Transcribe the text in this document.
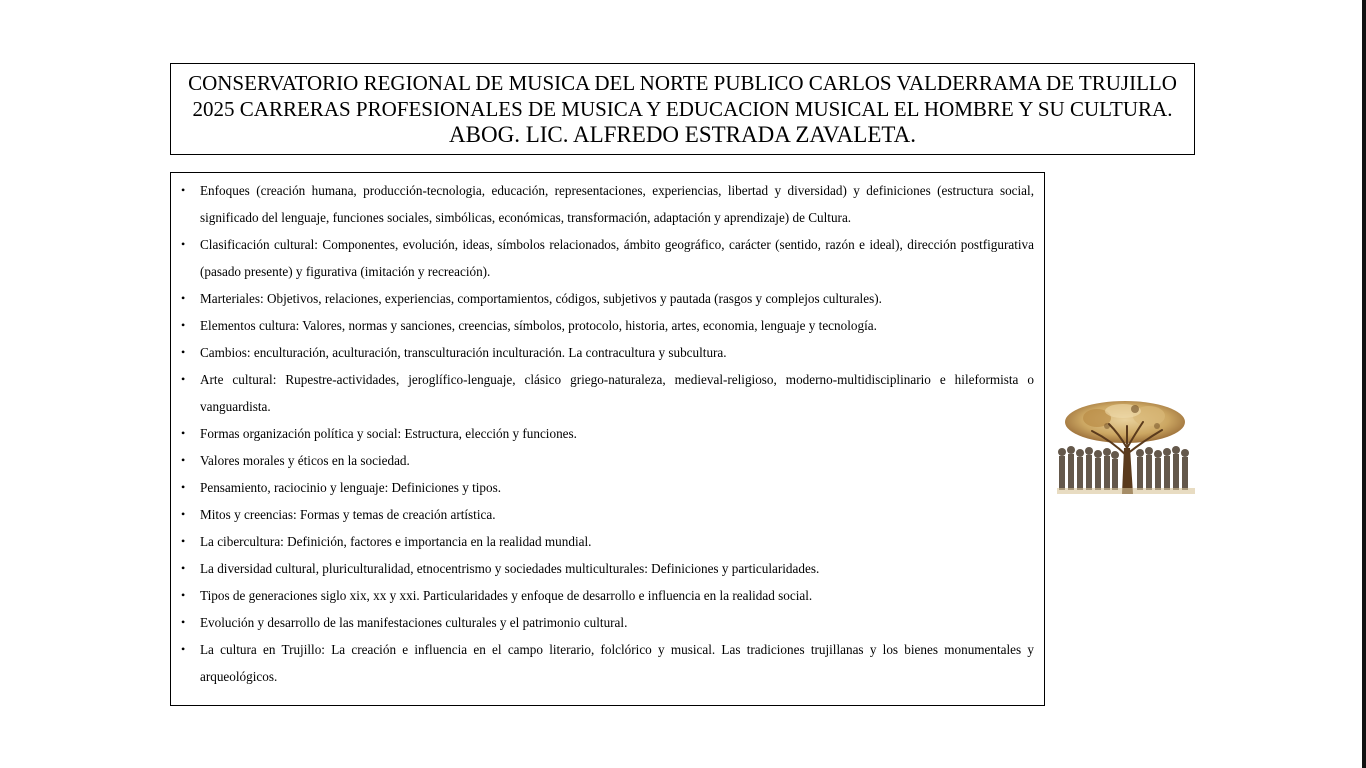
CONSERVATORIO REGIONAL DE MUSICA DEL NORTE PUBLICO CARLOS VALDERRAMA DE TRUJILLO 2025 CARRERAS PROFESIONALES DE MUSICA Y EDUCACION MUSICAL EL HOMBRE Y SU CULTURA. ABOG. LIC. ALFREDO ESTRADA ZAVALETA.
• Enfoques (creación humana, producción-tecnologia, educación, representaciones, experiencias, libertad y diversidad) y definiciones (estructura social, significado del lenguaje, funciones sociales, simbólicas, económicas, transformación, adaptación y aprendizaje) de Cultura.
• Clasificación cultural: Componentes, evolución, ideas, símbolos relacionados, ámbito geográfico, carácter (sentido, razón e ideal), dirección postfigurativa (pasado presente) y figurativa (imitación y recreación).
• Marteriales: Objetivos, relaciones, experiencias, comportamientos, códigos, subjetivos y pautada (rasgos y complejos culturales).
• Elementos cultura: Valores, normas y sanciones, creencias, símbolos, protocolo, historia, artes, economia, lenguaje y tecnología.
• Cambios: enculturación, aculturación, transculturación inculturación. La contracultura y subcultura.
• Arte cultural: Rupestre-actividades, jeroglífico-lenguaje, clásico griego-naturaleza, medieval-religioso, moderno-multidisciplinario e hileformista o vanguardista.
• Formas organización política y social: Estructura, elección y funciones.
• Valores morales y éticos en la sociedad.
• Pensamiento, raciocinio y lenguaje: Definiciones y tipos.
• Mitos y creencias: Formas y temas de creación artística.
• La cibercultura: Definición, factores e importancia en la realidad mundial.
• La diversidad cultural, pluriculturalidad, etnocentrismo y sociedades multiculturales: Definiciones y particularidades.
• Tipos de generaciones siglo xix, xx y xxi. Particularidades y enfoque de desarrollo e influencia en la realidad social.
• Evolución y desarrollo de las manifestaciones culturales y el patrimonio cultural.
• La cultura en Trujillo: La creación e influencia en el campo literario, folclórico y musical. Las tradiciones trujillanas y los bienes monumentales y arqueológicos.
